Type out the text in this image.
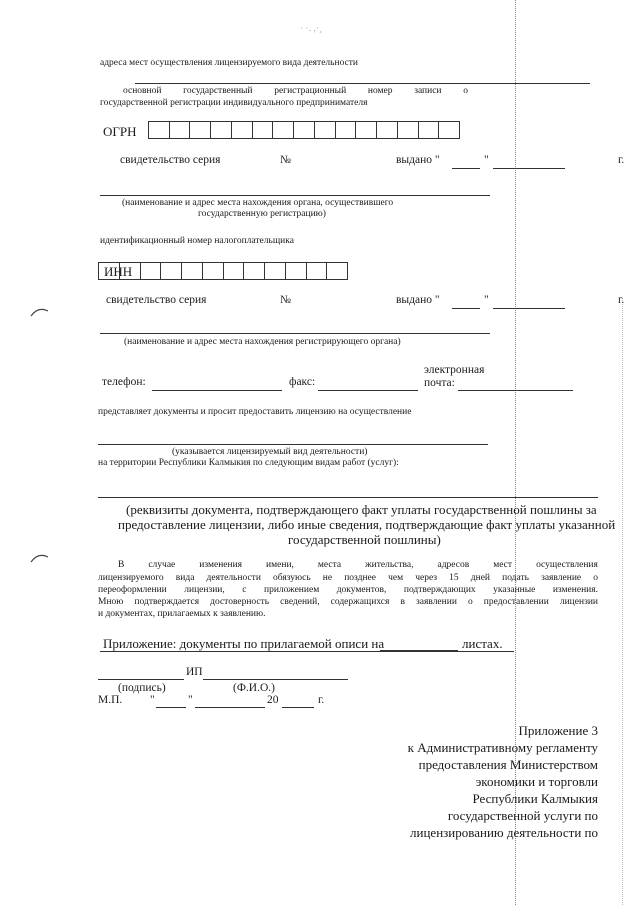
· ·. ,·¸
адреса мест осуществления лицензируемого вида деятельности
основной государственный регистрационный номер записи о
государственной регистрации индивидуального предпринимателя
ОГРН
свидетельство серия	№	выдано "	"	г.
(наименование и адрес места нахождения органа, осуществившего
государственную регистрацию)
идентификационный номер налогоплательщика
ИНН
свидетельство серия	№	выдано "	"	г.
(наименование и адрес места нахождения регистрирующего органа)
электронная
телефон:	факс:	почта:
представляет документы и просит предоставить лицензию на осуществление
(указывается лицензируемый вид деятельности)
на территории Республики Калмыкия по следующим видам работ (услуг):
(реквизиты документа, подтверждающего факт уплаты государственной пошлины за
предоставление лицензии, либо иные сведения, подтверждающие факт уплаты указанной
государственной пошлины)
В	случае	изменения	имени,	места	жительства,	адресов	мест	осуществления
лицензируемого вида деятельности обязуюсь не позднее чем через 15 дней подать заявление о
переоформлении лицензии, с приложением документов, подтверждающих указанные изменения.
Мною подтверждается достоверность сведений, содержащихся в заявлении о предоставлении лицензии
и документах, прилагаемых к заявлению.
Приложение: документы по прилагаемой описи на	листах.
ИП
(подпись)	(Ф.И.О.)
М.П. "	"	20	г.
Приложение 3
к Административному регламенту
предоставления Министерством
экономики и торговли
Республики Калмыкия
государственной услуги по
лицензированию деятельности по
